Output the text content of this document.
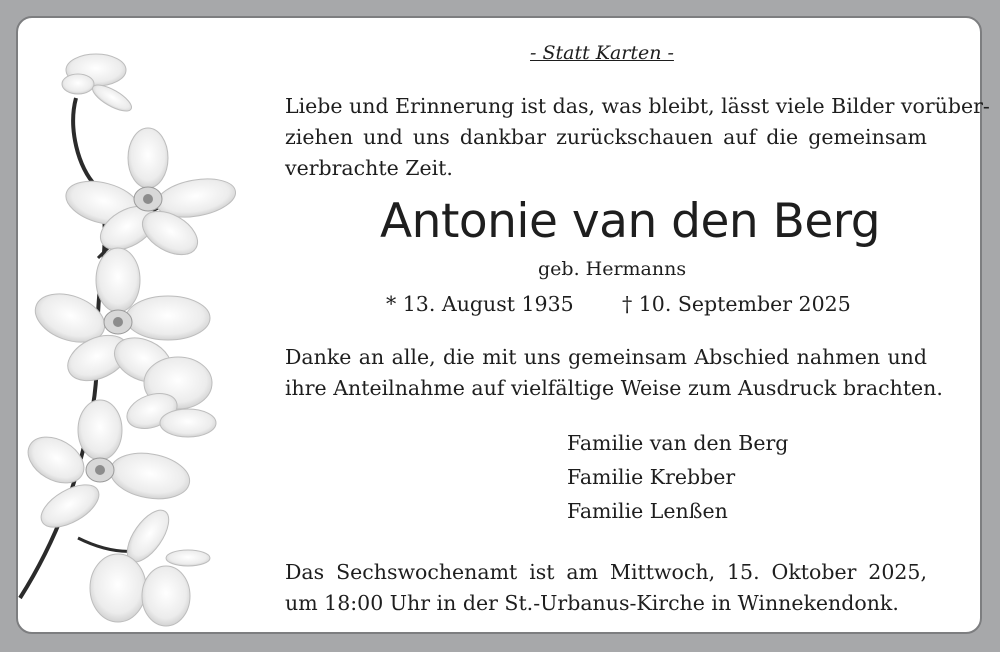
- Statt Karten -
Liebe und Erinnerung ist das, was bleibt, lässt viele Bilder vorüber-
ziehen und uns dankbar zurückschauen auf die gemeinsam
verbrachte Zeit.
Antonie van den Berg
geb. Hermanns
* 13. August 1935 † 10. September 2025
Danke an alle, die mit uns gemeinsam Abschied nahmen und
ihre Anteilnahme auf vielfältige Weise zum Ausdruck brachten.
Familie van den Berg
Familie Krebber
Familie Lenßen
Das Sechswochenamt ist am Mittwoch, 15. Oktober 2025,
um 18:00 Uhr in der St.-Urbanus-Kirche in Winnekendonk.
